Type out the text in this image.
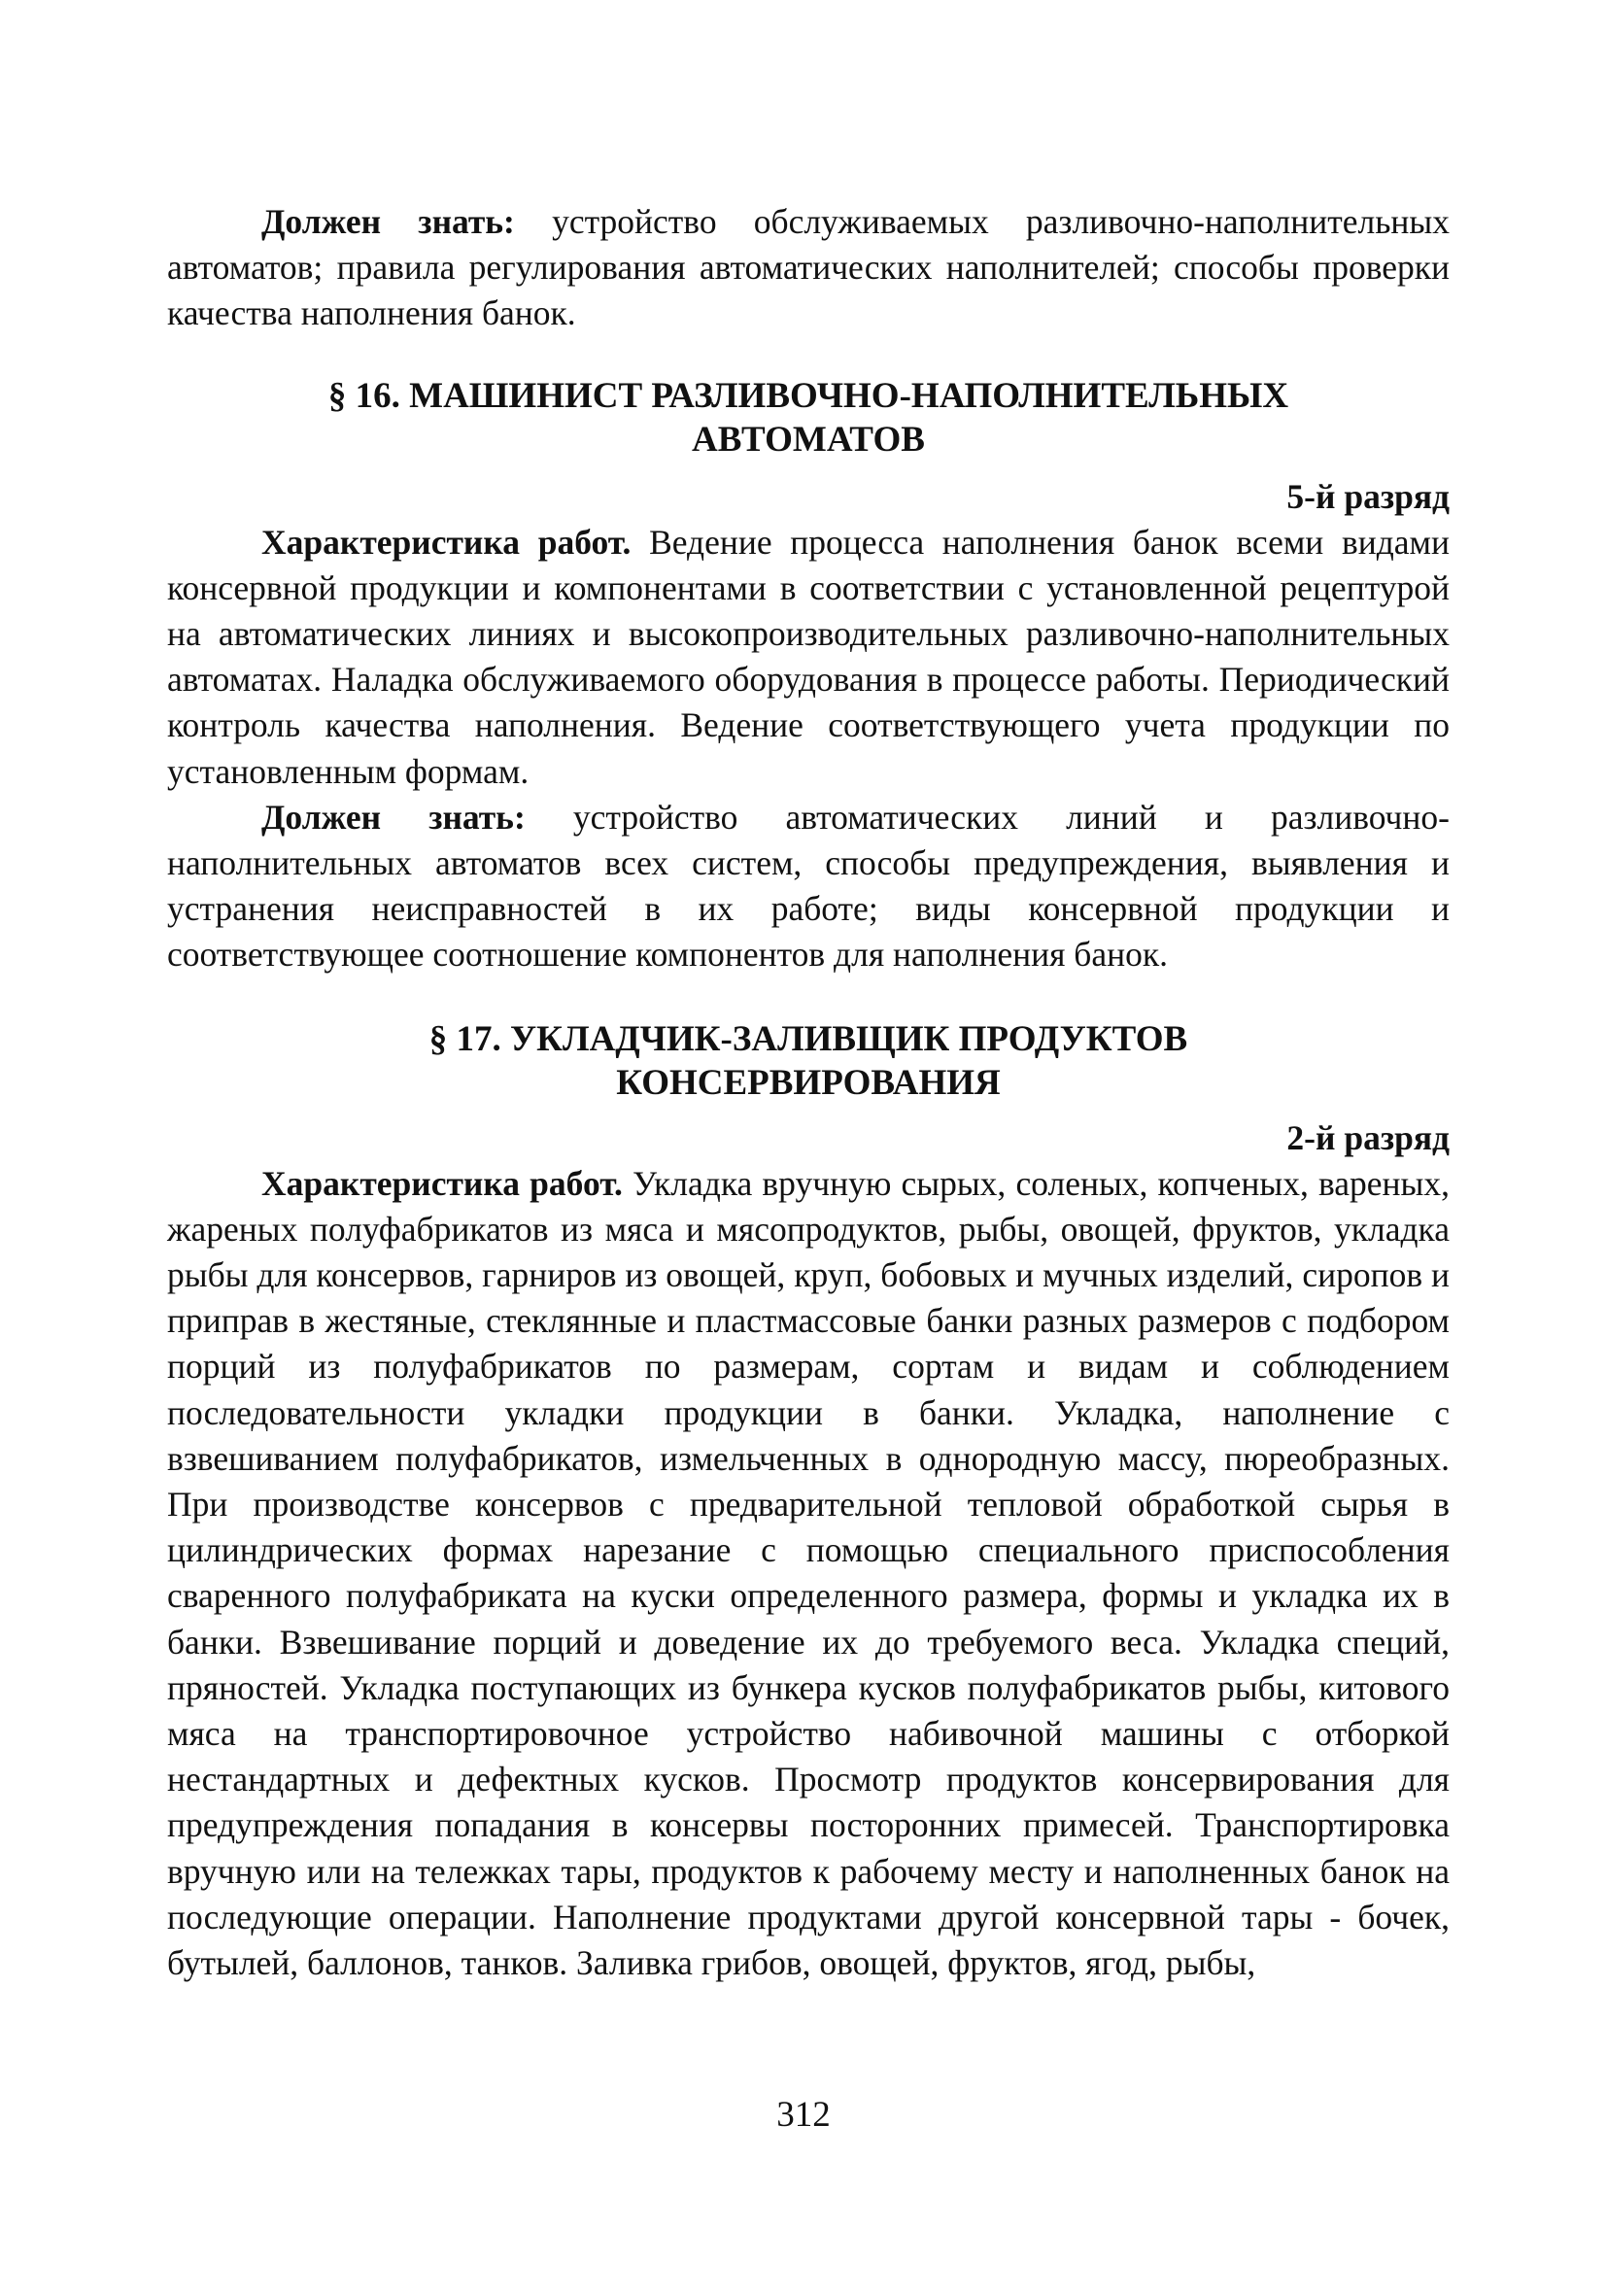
Должен знать: устройство обслуживаемых разливочно-наполнительных автоматов; правила регулирования автоматических наполнителей; способы проверки качества наполнения банок.

§ 16. МАШИНИСТ РАЗЛИВОЧНО-НАПОЛНИТЕЛЬНЫХ
АВТОМАТОВ

5-й разряд

Характеристика работ. Ведение процесса наполнения банок всеми видами консервной продукции и компонентами в соответствии с установленной рецептурой на автоматических линиях и высокопроизводительных разливочно-наполнительных автоматах. Наладка обслуживаемого оборудования в процессе работы. Периодический контроль качества наполнения. Ведение соответствующего учета продукции по установленным формам.

Должен знать: устройство автоматических линий и разливочно-наполнительных автоматов всех систем, способы предупреждения, выявления и устранения неисправностей в их работе; виды консервной продукции и соответствующее соотношение компонентов для наполнения банок.

§ 17. УКЛАДЧИК-ЗАЛИВЩИК ПРОДУКТОВ
КОНСЕРВИРОВАНИЯ

2-й разряд

Характеристика работ. Укладка вручную сырых, соленых, копченых, вареных, жареных полуфабрикатов из мяса и мясопродуктов, рыбы, овощей, фруктов, укладка рыбы для консервов, гарниров из овощей, круп, бобовых и мучных изделий, сиропов и приправ в жестяные, стеклянные и пластмассовые банки разных размеров с подбором порций из полуфабрикатов по размерам, сортам и видам и соблюдением последовательности укладки продукции в банки. Укладка, наполнение с взвешиванием полуфабрикатов, измельченных в однородную массу, пюреобразных. При производстве консервов с предварительной тепловой обработкой сырья в цилиндрических формах нарезание с помощью специального приспособления сваренного полуфабриката на куски определенного размера, формы и укладка их в банки. Взвешивание порций и доведение их до требуемого веса. Укладка специй, пряностей. Укладка поступающих из бункера кусков полуфабрикатов рыбы, китового мяса на транспортировочное устройство набивочной машины с отборкой нестандартных и дефектных кусков. Просмотр продуктов консервирования для предупреждения попадания в консервы посторонних примесей. Транспортировка вручную или на тележках тары, продуктов к рабочему месту и наполненных банок на последующие операции. Наполнение продуктами другой консервной тары - бочек, бутылей, баллонов, танков. Заливка грибов, овощей, фруктов, ягод, рыбы,

312
